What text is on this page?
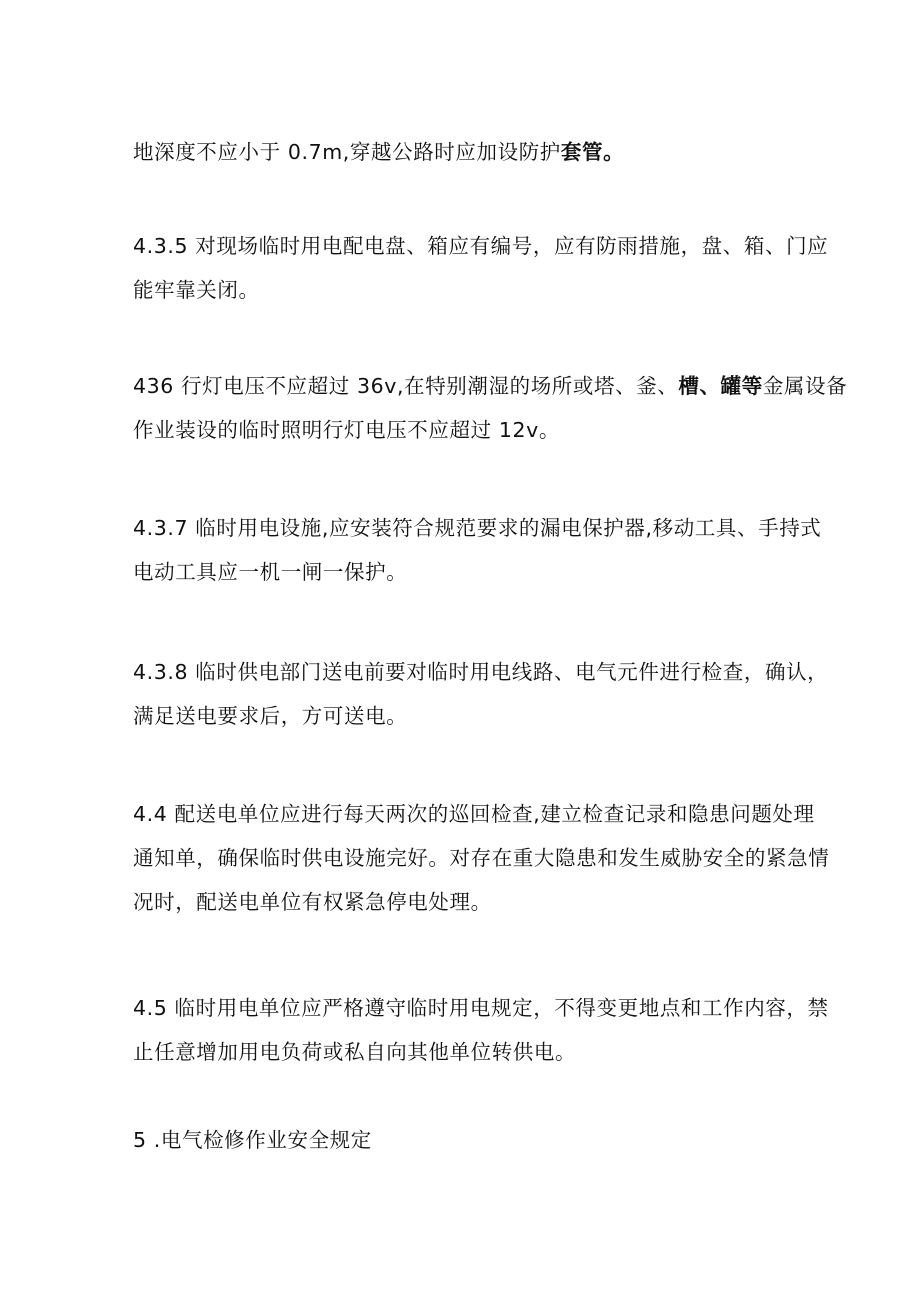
地深度不应小于 0.7m,穿越公路时应加设防护套管。

4.3.5 对现场临时用电配电盘、箱应有编号，应有防雨措施，盘、箱、门应
能牢靠关闭。

436 行灯电压不应超过 36v,在特别潮湿的场所或塔、釜、槽、罐等金属设备
作业装设的临时照明行灯电压不应超过 12v。

4.3.7 临时用电设施,应安装符合规范要求的漏电保护器,移动工具、手持式
电动工具应一机一闸一保护。

4.3.8 临时供电部门送电前要对临时用电线路、电气元件进行检查，确认，
满足送电要求后，方可送电。

4.4 配送电单位应进行每天两次的巡回检查,建立检查记录和隐患问题处理
通知单，确保临时供电设施完好。对存在重大隐患和发生威胁安全的紧急情
况时，配送电单位有权紧急停电处理。

4.5 临时用电单位应严格遵守临时用电规定，不得变更地点和工作内容，禁
止任意增加用电负荷或私自向其他单位转供电。

5 .电气检修作业安全规定
